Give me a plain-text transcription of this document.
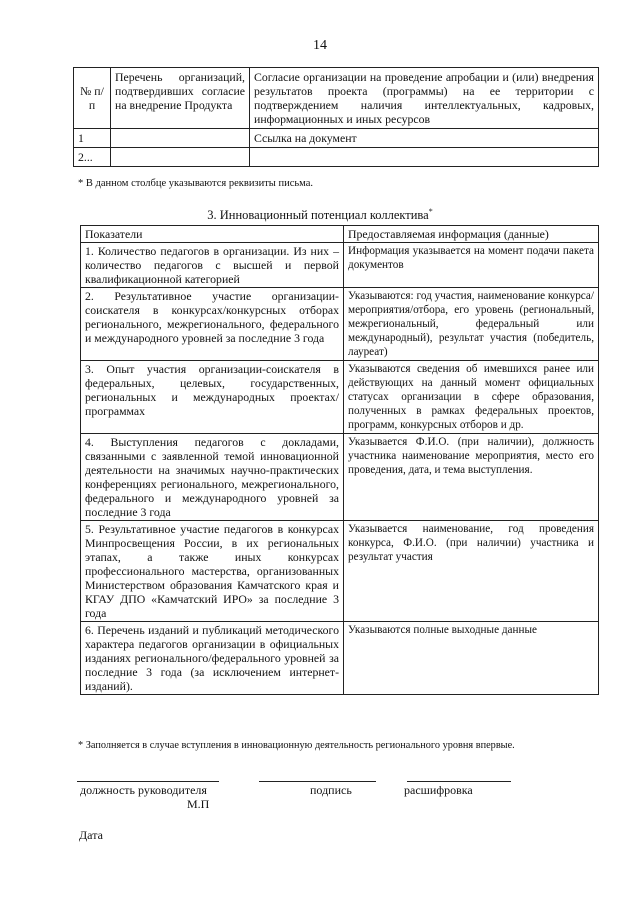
14
№ п/п	Перечень организаций, подтвердивших согласие на внедрение Продукта	Согласие организации на проведение апробации и (или) внедрения результатов проекта (программы) на ее территории с подтверждением наличия интеллектуальных, кадровых, информационных и иных ресурсов
1		Ссылка на документ
2...		
* В данном столбце указываются реквизиты письма.
3. Инновационный потенциал коллектива*
Показатели	Предоставляемая информация (данные)
1. Количество педагогов в организации. Из них – количество педагогов с высшей и первой квалификационной категорией	Информация указывается на момент подачи пакета документов
2. Результативное участие организации-соискателя в конкурсах/конкурсных отборах регионального, межрегионального, федерального и международного уровней за последние 3 года	Указываются: год участия, наименование конкурса/мероприятия/отбора, его уровень (региональный, межрегиональный, федеральный или международный), результат участия (победитель, лауреат)
3. Опыт участия организации-соискателя в федеральных, целевых, государственных, региональных и международных проектах/программах	Указываются сведения об имевшихся ранее или действующих на данный момент официальных статусах организации в сфере образования, полученных в рамках федеральных проектов, программ, конкурсных отборов и др.
4. Выступления педагогов с докладами, связанными с заявленной темой инновационной деятельности на значимых научно-практических конференциях регионального, межрегионального, федерального и международного уровней за последние 3 года	Указывается Ф.И.О. (при наличии), должность участника наименование мероприятия, место его проведения, дата, и тема выступления.
5. Результативное участие педагогов в конкурсах Минпросвещения России, в их региональных этапах, а также иных конкурсах профессионального мастерства, организованных Министерством образования Камчатского края и КГАУ ДПО «Камчатский ИРО» за последние 3 года	Указывается наименование, год проведения конкурса, Ф.И.О. (при наличии) участника и результат участия
6. Перечень изданий и публикаций методического характера педагогов организации в официальных изданиях регионального/федерального уровней за последние 3 года (за исключением интернет-изданий).	Указываются полные выходные данные
* Заполняется в случае вступления в инновационную деятельность регионального уровня впервые.
должность руководителя	подпись	расшифровка
М.П
Дата
